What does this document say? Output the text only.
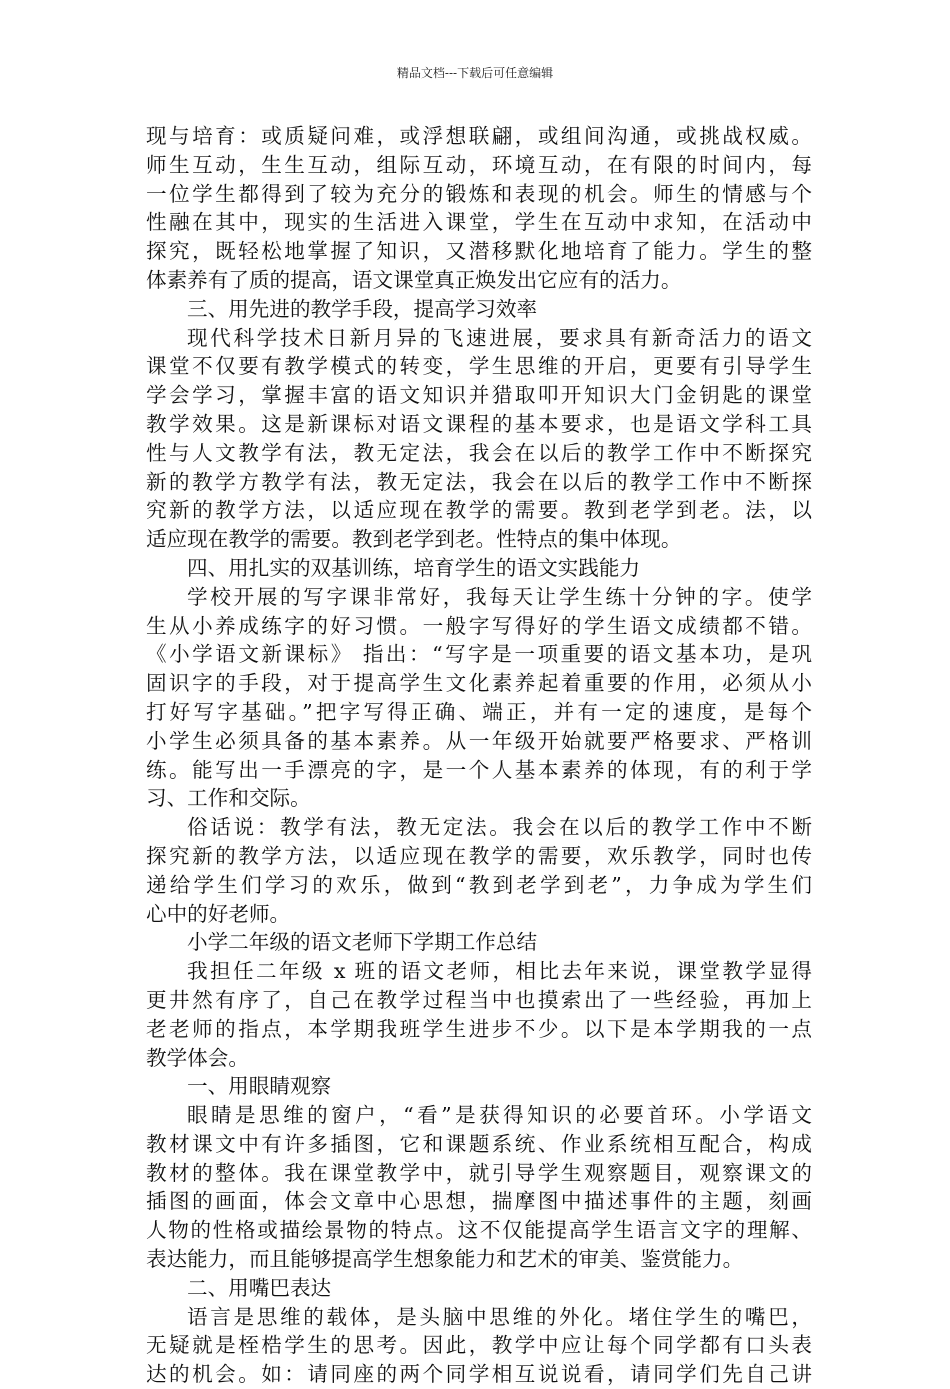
精品文档---下载后可任意编辑
现与培育：或质疑问难，或浮想联翩，或组间沟通，或挑战权威。
师生互动，生生互动，组际互动，环境互动，在有限的时间内，每
一位学生都得到了较为充分的锻炼和表现的机会。师生的情感与个
性融在其中，现实的生活进入课堂，学生在互动中求知，在活动中
探究，既轻松地掌握了知识，又潜移默化地培育了能力。学生的整
体素养有了质的提高，语文课堂真正焕发出它应有的活力。
三、用先进的教学手段，提高学习效率
现代科学技术日新月异的飞速进展，要求具有新奇活力的语文
课堂不仅要有教学模式的转变，学生思维的开启，更要有引导学生
学会学习，掌握丰富的语文知识并猎取叩开知识大门金钥匙的课堂
教学效果。这是新课标对语文课程的基本要求，也是语文学科工具
性与人文教学有法，教无定法，我会在以后的教学工作中不断探究
新的教学方教学有法，教无定法，我会在以后的教学工作中不断探
究新的教学方法，以适应现在教学的需要。教到老学到老。法，以
适应现在教学的需要。教到老学到老。性特点的集中体现。
四、用扎实的双基训练，培育学生的语文实践能力
学校开展的写字课非常好，我每天让学生练十分钟的字。使学
生从小养成练字的好习惯。一般字写得好的学生语文成绩都不错。
《小学语文新课标》 指出：“写字是一项重要的语文基本功，是巩
固识字的手段，对于提高学生文化素养起着重要的作用，必须从小
打好写字基础。”把字写得正确、端正，并有一定的速度，是每个
小学生必须具备的基本素养。从一年级开始就要严格要求、严格训
练。能写出一手漂亮的字，是一个人基本素养的体现，有的利于学
习、工作和交际。
俗话说：教学有法，教无定法。我会在以后的教学工作中不断
探究新的教学方法，以适应现在教学的需要，欢乐教学，同时也传
递给学生们学习的欢乐，做到“教到老学到老”，力争成为学生们
心中的好老师。
小学二年级的语文老师下学期工作总结
我担任二年级 x 班的语文老师，相比去年来说，课堂教学显得
更井然有序了，自己在教学过程当中也摸索出了一些经验，再加上
老老师的指点，本学期我班学生进步不少。以下是本学期我的一点
教学体会。
一、用眼睛观察
眼睛是思维的窗户，“看”是获得知识的必要首环。小学语文
教材课文中有许多插图，它和课题系统、作业系统相互配合，构成
教材的整体。我在课堂教学中，就引导学生观察题目，观察课文的
插图的画面，体会文章中心思想，揣摩图中描述事件的主题，刻画
人物的性格或描绘景物的特点。这不仅能提高学生语言文字的理解、
表达能力，而且能够提高学生想象能力和艺术的审美、鉴赏能力。
二、用嘴巴表达
语言是思维的载体，是头脑中思维的外化。堵住学生的嘴巴，
无疑就是桎梏学生的思考。因此，教学中应让每个同学都有口头表
达的机会。如：请同座的两个同学相互说说看，请同学们先自己讲
